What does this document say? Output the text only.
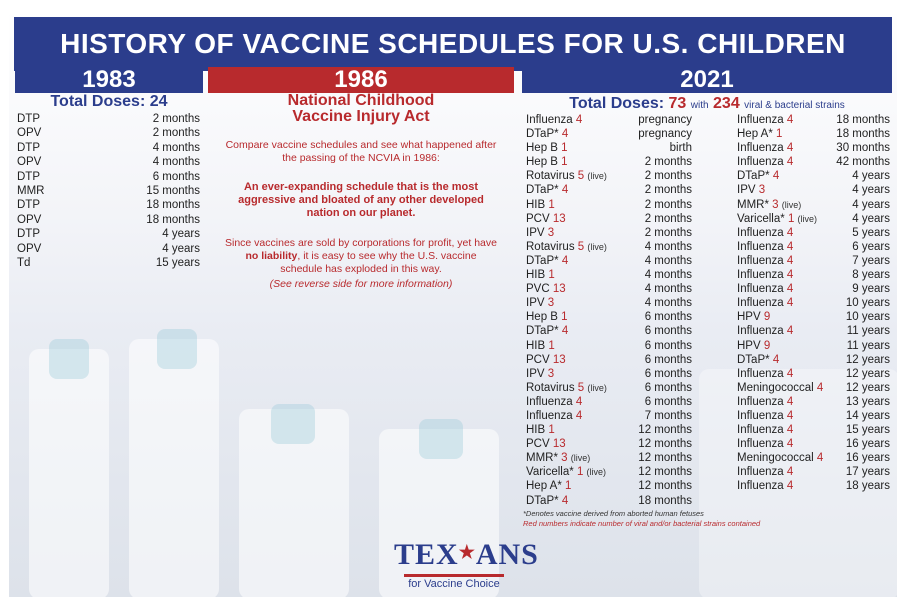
HISTORY OF VACCINE SCHEDULES FOR U.S. CHILDREN
1983
Total Doses: 24
DTP	2 months
OPV	2 months
DTP	4 months
OPV	4 months
DTP	6 months
MMR	15 months
DTP	18 months
OPV	18 months
DTP	4 years
OPV	4 years
Td	15 years
1986
National Childhood
Vaccine Injury Act
Compare vaccine schedules and see what happened after the passing of the NCVIA in 1986:
An ever-expanding schedule that is the most aggressive and bloated of any other developed nation on our planet.
Since vaccines are sold by corporations for profit, yet have no liability, it is easy to see why the U.S. vaccine schedule has exploded in this way.
(See reverse side for more information)
2021
Total Doses: 73 with 234 viral & bacterial strains
Influenza 4	pregnancy
DTaP* 4	pregnancy
Hep B 1	birth
Hep B 1	2 months
Rotavirus 5 (live)	2 months
DTaP* 4	2 months
HIB 1	2 months
PCV 13	2 months
IPV 3	2 months
Rotavirus 5 (live)	4 months
DTaP* 4	4 months
HIB 1	4 months
PVC 13	4 months
IPV 3	4 months
Hep B 1	6 months
DTaP* 4	6 months
HIB 1	6 months
PCV 13	6 months
IPV 3	6 months
Rotavirus 5 (live)	6 months
Influenza 4	6 months
Influenza 4	7 months
HIB 1	12 months
PCV 13	12 months
MMR* 3 (live)	12 months
Varicella* 1 (live)	12 months
Hep A* 1	12 months
DTaP* 4	18 months
Influenza 4	18 months
Hep A* 1	18 months
Influenza 4	30 months
Influenza 4	42 months
DTaP* 4	4 years
IPV 3	4 years
MMR* 3 (live)	4 years
Varicella* 1 (live)	4 years
Influenza 4	5 years
Influenza 4	6 years
Influenza 4	7 years
Influenza 4	8 years
Influenza 4	9 years
Influenza 4	10 years
HPV 9	10 years
Influenza 4	11 years
HPV 9	11 years
DTaP* 4	12 years
Influenza 4	12 years
Meningococcal 4 12 years
Influenza 4	13 years
Influenza 4	14 years
Influenza 4	15 years
Influenza 4	16 years
Meningococcal 4 16 years
Influenza 4	17 years
Influenza 4	18 years
*Denotes vaccine derived from aborted human fetuses
Red numbers indicate number of viral and/or bacterial strains contained
TEX★ANS
for Vaccine Choice
